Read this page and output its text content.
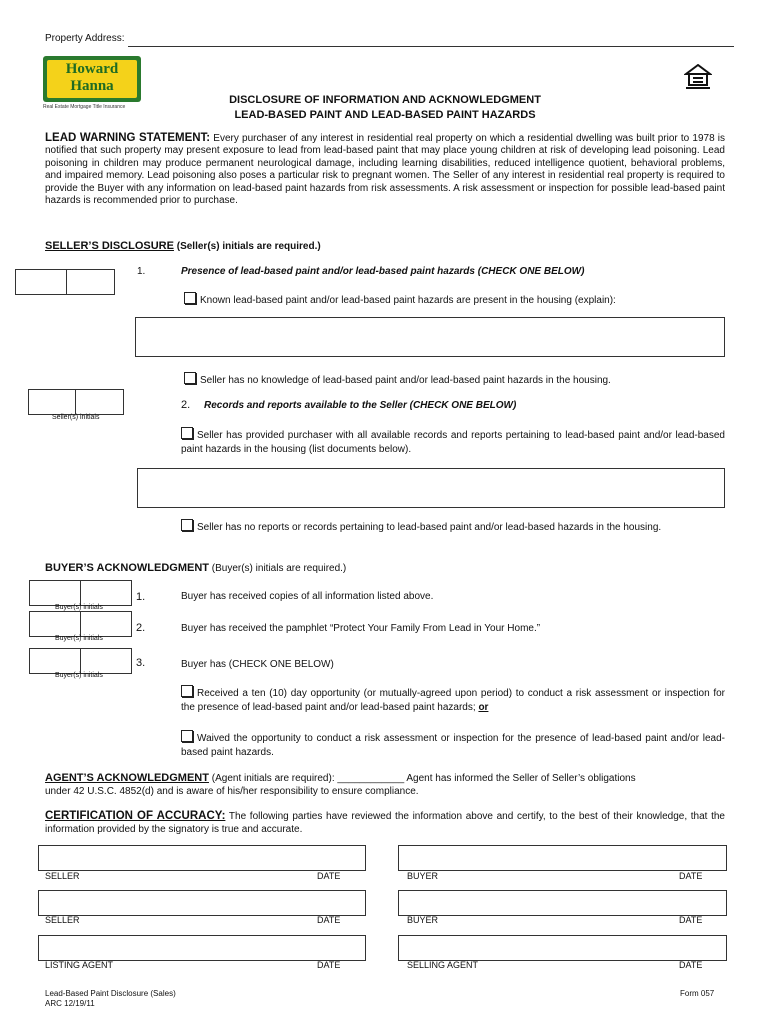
Property Address:
Howard
Hanna
Real Estate Mortgage Title Insurance
DISCLOSURE OF INFORMATION AND ACKNOWLEDGMENT
LEAD-BASED PAINT AND LEAD-BASED PAINT HAZARDS
LEAD WARNING STATEMENT: Every purchaser of any interest in residential real property on which a residential dwelling was built prior to 1978 is notified that such property may present exposure to lead from lead-based paint that may place young children at risk of developing lead poisoning. Lead poisoning in children may produce permanent neurological damage, including learning disabilities, reduced intelligence quotient, behavioral problems, and impaired memory. Lead poisoning also poses a particular risk to pregnant women. The Seller of any interest in residential real property is required to provide the Buyer with any information on lead-based paint hazards from risk assessments. A risk assessment or inspection for possible lead-based paint hazards is recommended prior to purchase.
SELLER’S DISCLOSURE (Seller(s) initials are required.)
1.	Presence of lead-based paint and/or lead-based paint hazards (CHECK ONE BELOW)
Known lead-based paint and/or lead-based paint hazards are present in the housing (explain):
Seller has no knowledge of lead-based paint and/or lead-based paint hazards in the housing.
Seller(s) initials
2. Records and reports available to the Seller (CHECK ONE BELOW)
Seller has provided purchaser with all available records and reports pertaining to lead-based paint and/or lead-based paint hazards in the housing (list documents below).
Seller has no reports or records pertaining to lead-based paint and/or lead-based hazards in the housing.
BUYER’S ACKNOWLEDGMENT (Buyer(s) initials are required.)
Buyer(s) initials
1.	Buyer has received copies of all information listed above.
Buyer(s) initials
2.	Buyer has received the pamphlet “Protect Your Family From Lead in Your Home.”
Buyer(s) initials
3.	Buyer has (CHECK ONE BELOW)
Received a ten (10) day opportunity (or mutually-agreed upon period) to conduct a risk assessment or inspection for the presence of lead-based paint and/or lead-based paint hazards; or
Waived the opportunity to conduct a risk assessment or inspection for the presence of lead-based paint and/or lead-based paint hazards.
AGENT’S ACKNOWLEDGMENT (Agent initials are required): ____________ Agent has informed the Seller of Seller’s obligations
under 42 U.S.C. 4852(d) and is aware of his/her responsibility to ensure compliance.
CERTIFICATION OF ACCURACY: The following parties have reviewed the information above and certify, to the best of their knowledge, that the information provided by the signatory is true and accurate.
SELLER	DATE	BUYER	DATE
SELLER	DATE	BUYER	DATE
LISTING AGENT	DATE	SELLING AGENT	DATE
Lead-Based Paint Disclosure (Sales)
ARC 12/19/11
Form 057
